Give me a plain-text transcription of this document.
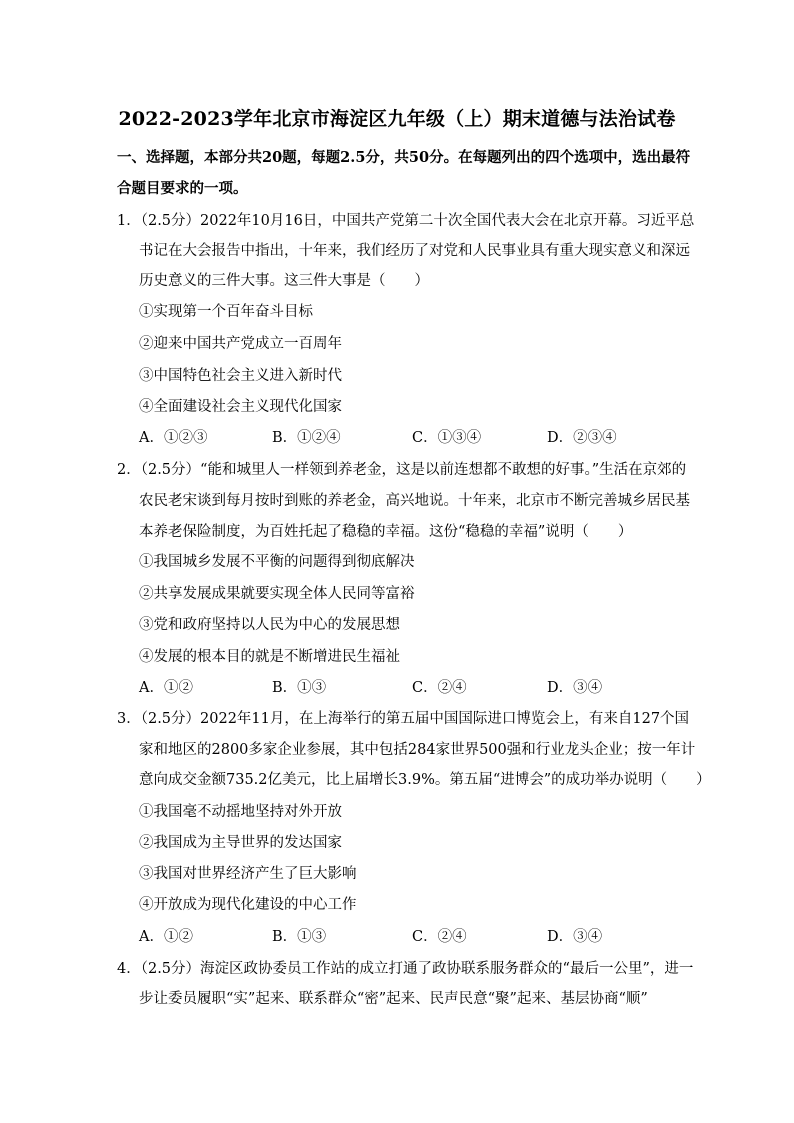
2022-2023学年北京市海淀区九年级（上）期末道德与法治试卷
一、选择题，本部分共20题，每题2.5分，共50分。在每题列出的四个选项中，选出最符
合题目要求的一项。
1．（2.5分）2022年10月16日，中国共产党第二十次全国代表大会在北京开幕。习近平总
书记在大会报告中指出，十年来，我们经历了对党和人民事业具有重大现实意义和深远
历史意义的三件大事。这三件大事是（　　）
①实现第一个百年奋斗目标
②迎来中国共产党成立一百周年
③中国特色社会主义进入新时代
④全面建设社会主义现代化国家
A．①②③	B．①②④	C．①③④	D．②③④
2．（2.5分）“能和城里人一样领到养老金，这是以前连想都不敢想的好事。”生活在京郊的
农民老宋谈到每月按时到账的养老金，高兴地说。十年来，北京市不断完善城乡居民基
本养老保险制度，为百姓托起了稳稳的幸福。这份“稳稳的幸福”说明（　　）
①我国城乡发展不平衡的问题得到彻底解决
②共享发展成果就要实现全体人民同等富裕
③党和政府坚持以人民为中心的发展思想
④发展的根本目的就是不断增进民生福祉
A．①②	B．①③	C．②④	D．③④
3．（2.5分）2022年11月，在上海举行的第五届中国国际进口博览会上，有来自127个国
家和地区的2800多家企业参展，其中包括284家世界500强和行业龙头企业；按一年计
意向成交金额735.2亿美元，比上届增长3.9%。第五届“进博会”的成功举办说明（　　）
①我国毫不动摇地坚持对外开放
②我国成为主导世界的发达国家
③我国对世界经济产生了巨大影响
④开放成为现代化建设的中心工作
A．①②	B．①③	C．②④	D．③④
4．（2.5分）海淀区政协委员工作站的成立打通了政协联系服务群众的“最后一公里”，进一
步让委员履职“实”起来、联系群众“密”起来、民声民意“聚”起来、基层协商“顺”
